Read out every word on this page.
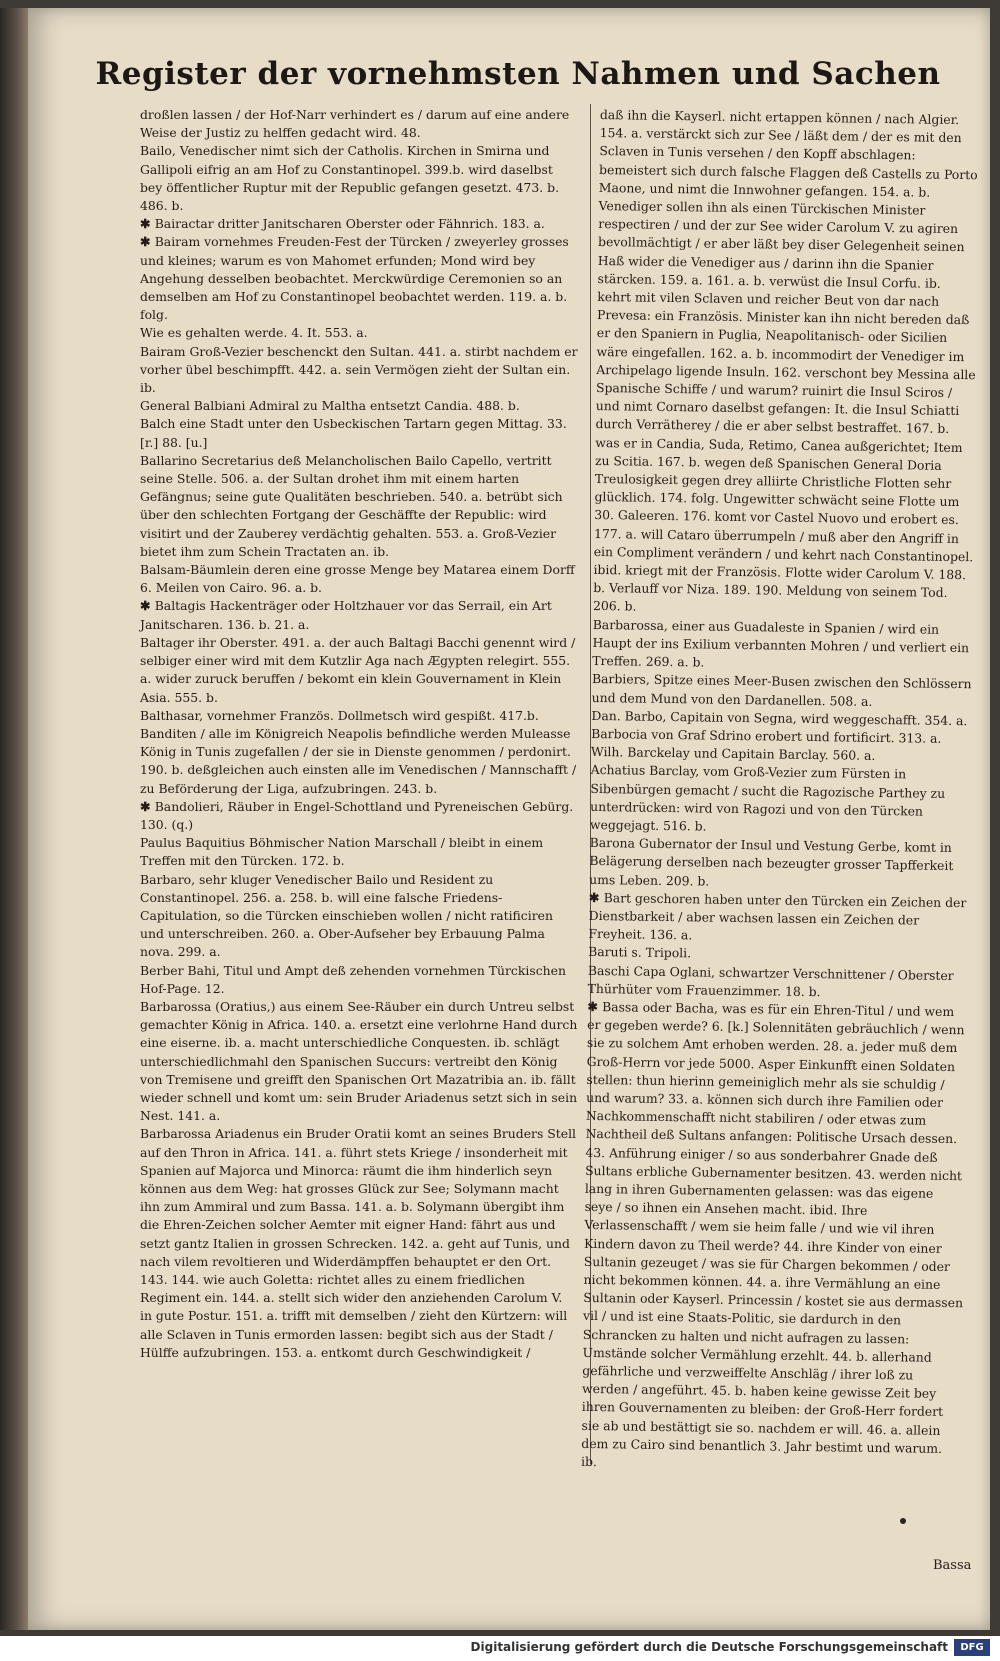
Register der vornehmsten Nahmen und Sachen

droßlen lassen / der Hof-Narr verhindert es / darum auf eine andere Weise der Justiz zu helffen gedacht wird. 48.

Bailo, Venedischer nimt sich der Catholis. Kirchen in Smirna und Gallipoli eifrig an am Hof zu Constantinopel. 399.b. wird daselbst bey öffentlicher Ruptur mit der Republic gefangen gesetzt. 473. b. 486. b.

✱ Bairactar dritter Janitscharen Oberster oder Fähnrich. 183. a.

✱ Bairam vornehmes Freuden-Fest der Türcken / zweyerley grosses und kleines; warum es von Mahomet erfunden; Mond wird bey Angehung desselben beobachtet. Merckwürdige Ceremonien so an demselben am Hof zu Constantinopel beobachtet werden. 119. a. b. folg.

Wie es gehalten werde. 4. It. 553. a.

Bairam Groß-Vezier beschenckt den Sultan. 441. a. stirbt nachdem er vorher übel beschimpfft. 442. a. sein Vermögen zieht der Sultan ein. ib.

General Balbiani Admiral zu Maltha entsetzt Candia. 488. b.

Balch eine Stadt unter den Usbeckischen Tartarn gegen Mittag. 33. [r.] 88. [u.]

Ballarino Secretarius deß Melancholischen Bailo Capello, vertritt seine Stelle. 506. a. der Sultan drohet ihm mit einem harten Gefängnus; seine gute Qualitäten beschrieben. 540. a. betrübt sich über den schlechten Fortgang der Geschäffte der Republic: wird visitirt und der Zauberey verdächtig gehalten. 553. a. Groß-Vezier bietet ihm zum Schein Tractaten an. ib.

Balsam-Bäumlein deren eine grosse Menge bey Matarea einem Dorff 6. Meilen von Cairo. 96. a. b.

✱ Baltagis Hackenträger oder Holtzhauer vor das Serrail, ein Art Janitscharen. 136. b. 21. a.

Baltager ihr Oberster. 491. a. der auch Baltagi Bacchi genennt wird / selbiger einer wird mit dem Kutzlir Aga nach Ægypten relegirt. 555. a. wider zuruck beruffen / bekomt ein klein Gouvernament in Klein Asia. 555. b.

Balthasar, vornehmer Französ. Dollmetsch wird gespißt. 417.b.

Banditen / alle im Königreich Neapolis befindliche werden Muleasse König in Tunis zugefallen / der sie in Dienste genommen / perdonirt. 190. b. deßgleichen auch einsten alle im Venedischen / Mannschafft / zu Beförderung der Liga, aufzubringen. 243. b.

✱ Bandolieri, Räuber in Engel-Schottland und Pyreneischen Gebürg. 130. (q.)

Paulus Baquitius Böhmischer Nation Marschall / bleibt in einem Treffen mit den Türcken. 172. b.

Barbaro, sehr kluger Venedischer Bailo und Resident zu Constantinopel. 256. a. 258. b. will eine falsche Friedens-Capitulation, so die Türcken einschieben wollen / nicht ratificiren und unterschreiben. 260. a. Ober-Aufseher bey Erbauung Palma nova. 299. a.

Berber Bahi, Titul und Ampt deß zehenden vornehmen Türckischen Hof-Page. 12.

Barbarossa (Oratius,) aus einem See-Räuber ein durch Untreu selbst gemachter König in Africa. 140. a. ersetzt eine verlohrne Hand durch eine eiserne. ib. a. macht unterschiedliche Conquesten. ib. schlägt unterschiedlichmahl den Spanischen Succurs: vertreibt den König von Tremisene und greifft den Spanischen Ort Mazatribia an. ib. fällt wieder schnell und komt um: sein Bruder Ariadenus setzt sich in sein Nest. 141. a.

Barbarossa Ariadenus ein Bruder Oratii komt an seines Bruders Stell auf den Thron in Africa. 141. a. führt stets Kriege / insonderheit mit Spanien auf Majorca und Minorca: räumt die ihm hinderlich seyn können aus dem Weg: hat grosses Glück zur See; Solymann macht ihn zum Ammiral und zum Bassa. 141. a. b. Solymann übergibt ihm die Ehren-Zeichen solcher Aemter mit eigner Hand: fährt aus und setzt gantz Italien in grossen Schrecken. 142. a. geht auf Tunis, und nach vilem revoltieren und Widerdämpffen behauptet er den Ort. 143. 144. wie auch Goletta: richtet alles zu einem friedlichen Regiment ein. 144. a. stellt sich wider den anziehenden Carolum V. in gute Postur. 151. a. trifft mit demselben / zieht den Kürtzern: will alle Sclaven in Tunis ermorden lassen: begibt sich aus der Stadt / Hülffe aufzubringen. 153. a. entkomt durch Geschwindigkeit /

daß ihn die Kayserl. nicht ertappen können / nach Algier. 154. a. verstärckt sich zur See / läßt dem / der es mit den Sclaven in Tunis versehen / den Kopff abschlagen: bemeistert sich durch falsche Flaggen deß Castells zu Porto Maone, und nimt die Innwohner gefangen. 154. a. b. Venediger sollen ihn als einen Türckischen Minister respectiren / und der zur See wider Carolum V. zu agiren bevollmächtigt / er aber läßt bey diser Gelegenheit seinen Haß wider die Venediger aus / darinn ihn die Spanier stärcken. 159. a. 161. a. b. verwüst die Insul Corfu. ib. kehrt mit vilen Sclaven und reicher Beut von dar nach Prevesa: ein Französis. Minister kan ihn nicht bereden daß er den Spaniern in Puglia, Neapolitanisch- oder Sicilien wäre eingefallen. 162. a. b. incommodirt der Venediger im Archipelago ligende Insuln. 162. verschont bey Messina alle Spanische Schiffe / und warum? ruinirt die Insul Sciros / und nimt Cornaro daselbst gefangen: It. die Insul Schiatti durch Verrätherey / die er aber selbst bestraffet. 167. b. was er in Candia, Suda, Retimo, Canea außgerichtet; Item zu Scitia. 167. b. wegen deß Spanischen General Doria Treulosigkeit gegen drey alliirte Christliche Flotten sehr glücklich. 174. folg. Ungewitter schwächt seine Flotte um 30. Galeeren. 176. komt vor Castel Nuovo und erobert es. 177. a. will Cataro überrumpeln / muß aber den Angriff in ein Compliment verändern / und kehrt nach Constantinopel. ibid. kriegt mit der Französis. Flotte wider Carolum V. 188. b. Verlauff vor Niza. 189. 190. Meldung von seinem Tod. 206. b.

Barbarossa, einer aus Guadaleste in Spanien / wird ein Haupt der ins Exilium verbannten Mohren / und verliert ein Treffen. 269. a. b.

Barbiers, Spitze eines Meer-Busen zwischen den Schlössern und dem Mund von den Dardanellen. 508. a.

Dan. Barbo, Capitain von Segna, wird weggeschafft. 354. a.

Barbocia von Graf Sdrino erobert und fortificirt. 313. a.

Wilh. Barckelay und Capitain Barclay. 560. a.

Achatius Barclay, vom Groß-Vezier zum Fürsten in Sibenbürgen gemacht / sucht die Ragozische Parthey zu unterdrücken: wird von Ragozi und von den Türcken weggejagt. 516. b.

Barona Gubernator der Insul und Vestung Gerbe, komt in Belägerung derselben nach bezeugter grosser Tapfferkeit ums Leben. 209. b.

✱ Bart geschoren haben unter den Türcken ein Zeichen der Dienstbarkeit / aber wachsen lassen ein Zeichen der Freyheit. 136. a.

Baruti s. Tripoli.

Baschi Capa Oglani, schwartzer Verschnittener / Oberster Thürhüter vom Frauenzimmer. 18. b.

✱ Bassa oder Bacha, was es für ein Ehren-Titul / und wem er gegeben werde? 6. [k.] Solennitäten gebräuchlich / wenn sie zu solchem Amt erhoben werden. 28. a. jeder muß dem Groß-Herrn vor jede 5000. Asper Einkunfft einen Soldaten stellen: thun hierinn gemeiniglich mehr als sie schuldig / und warum? 33. a. können sich durch ihre Familien oder Nachkommenschafft nicht stabiliren / oder etwas zum Nachtheil deß Sultans anfangen: Politische Ursach dessen. 43. Anführung einiger / so aus sonderbahrer Gnade deß Sultans erbliche Gubernamenter besitzen. 43. werden nicht lang in ihren Gubernamenten gelassen: was das eigene seye / so ihnen ein Ansehen macht. ibid. Ihre Verlassenschafft / wem sie heim falle / und wie vil ihren Kindern davon zu Theil werde? 44. ihre Kinder von einer Sultanin gezeuget / was sie für Chargen bekommen / oder nicht bekommen können. 44. a. ihre Vermählung an eine Sultanin oder Kayserl. Princessin / kostet sie aus dermassen vil / und ist eine Staats-Politic, sie dardurch in den Schrancken zu halten und nicht aufragen zu lassen: Umstände solcher Vermählung erzehlt. 44. b. allerhand gefährliche und verzweiffelte Anschläg / ihrer loß zu werden / angeführt. 45. b. haben keine gewisse Zeit bey ihren Gouvernamenten zu bleiben: der Groß-Herr fordert sie ab und bestättigt sie so. nachdem er will. 46. a. allein dem zu Cairo sind benantlich 3. Jahr bestimt und warum. ib.

Bassa
Digitalisierung gefördert durch die Deutsche Forschungsgemeinschaft	DFG
